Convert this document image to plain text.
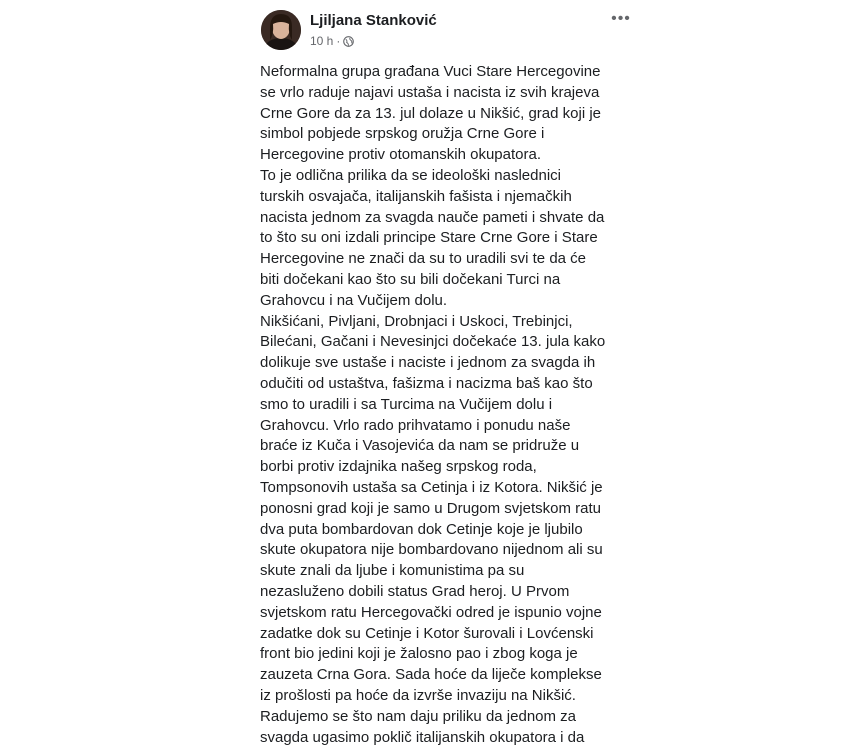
Ljiljana Stanković
10 h ·
•••

Neformalna grupa građana Vuci Stare Hercegovine
se vrlo raduje najavi ustaša i nacista iz svih krajeva
Crne Gore da za 13. jul dolaze u Nikšić, grad koji je
simbol pobjede srpskog oružja Crne Gore i
Hercegovine protiv otomanskih okupatora.

To je odlična prilika da se ideološki naslednici
turskih osvajača, italijanskih fašista i njemačkih
nacista jednom za svagda nauče pameti i shvate da
to što su oni izdali principe Stare Crne Gore i Stare
Hercegovine ne znači da su to uradili svi te da će
biti dočekani kao što su bili dočekani Turci na
Grahovcu i na Vučijem dolu.

Nikšićani, Pivljani, Drobnjaci i Uskoci, Trebinjci,
Bilećani, Gačani i Nevesinjci dočekaće 13. jula kako
dolikuje sve ustaše i naciste i jednom za svagda ih
odučiti od ustaštva, fašizma i nacizma baš kao što
smo to uradili i sa Turcima na Vučijem dolu i
Grahovcu. Vrlo rado prihvatamo i ponudu naše
braće iz Kuča i Vasojevića da nam se pridruže u
borbi protiv izdajnika našeg srpskog roda,
Tompsonovih ustaša sa Cetinja i iz Kotora. Nikšić je
ponosni grad koji je samo u Drugom svjetskom ratu
dva puta bombardovan dok Cetinje koje je ljubilo
skute okupatora nije bombardovano nijednom ali su
skute znali da ljube i komunistima pa su
nezasluženo dobili status Grad heroj. U Prvom
svjetskom ratu Hercegovački odred je ispunio vojne
zadatke dok su Cetinje i Kotor šurovali i Lovćenski
front bio jedini koji je žalosno pao i zbog koga je
zauzeta Crna Gora. Sada hoće da liječe komplekse
iz prošlosti pa hoće da izvrše invaziju na Nikšić.
Radujemo se što nam daju priliku da jednom za
svagda ugasimo poklič italijanskih okupatora i da
